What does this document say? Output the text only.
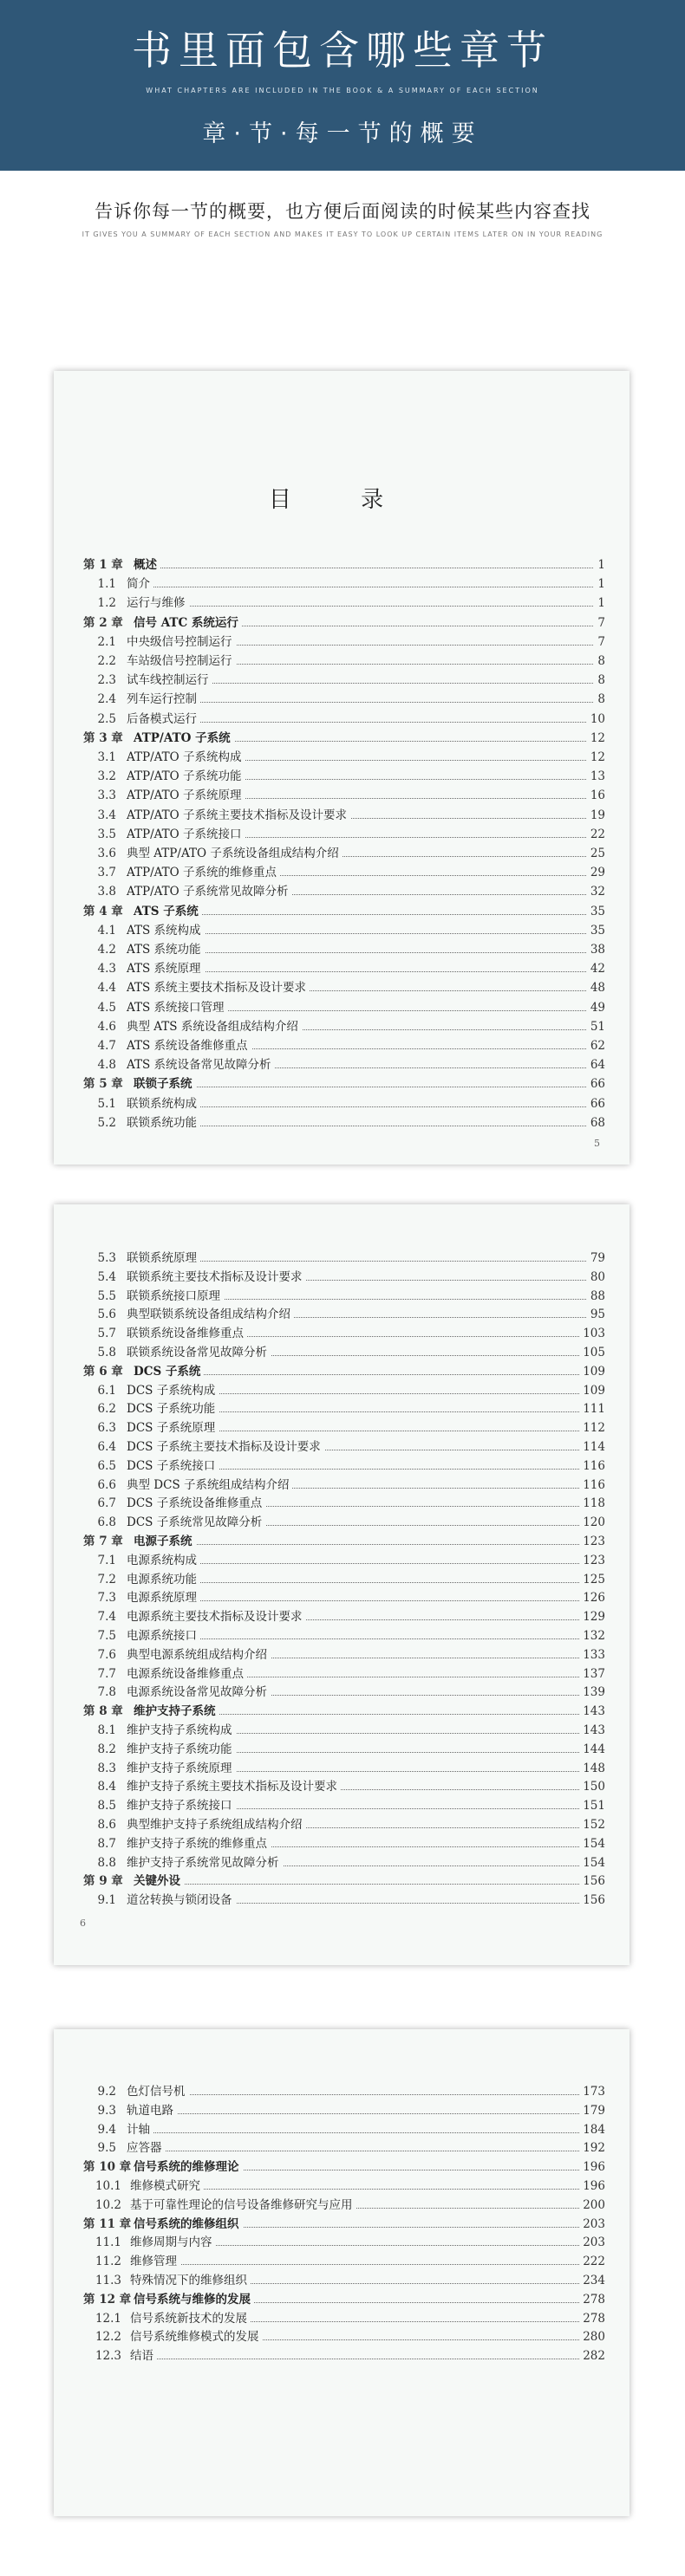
书里面包含哪些章节
WHAT CHAPTERS ARE INCLUDED IN THE BOOK & A SUMMARY OF EACH SECTION
章·节·每一节的概要
告诉你每一节的概要，也方便后面阅读的时候某些内容查找
IT GIVES YOU A SUMMARY OF EACH SECTION AND MAKES IT EASY TO LOOK UP CERTAIN ITEMS LATER ON IN YOUR READING
目 录
第 1 章 概述	1
1.1 简介	1
1.2 运行与维修	1
第 2 章 信号 ATC 系统运行	7
2.1 中央级信号控制运行	7
2.2 车站级信号控制运行	8
2.3 试车线控制运行	8
2.4 列车运行控制	8
2.5 后备模式运行	10
第 3 章 ATP/ATO 子系统	12
3.1 ATP/ATO 子系统构成	12
3.2 ATP/ATO 子系统功能	13
3.3 ATP/ATO 子系统原理	16
3.4 ATP/ATO 子系统主要技术指标及设计要求	19
3.5 ATP/ATO 子系统接口	22
3.6 典型 ATP/ATO 子系统设备组成结构介绍	25
3.7 ATP/ATO 子系统的维修重点	29
3.8 ATP/ATO 子系统常见故障分析	32
第 4 章 ATS 子系统	35
4.1 ATS 系统构成	35
4.2 ATS 系统功能	38
4.3 ATS 系统原理	42
4.4 ATS 系统主要技术指标及设计要求	48
4.5 ATS 系统接口管理	49
4.6 典型 ATS 系统设备组成结构介绍	51
4.7 ATS 系统设备维修重点	62
4.8 ATS 系统设备常见故障分析	64
第 5 章 联锁子系统	66
5.1 联锁系统构成	66
5.2 联锁系统功能	68
5
5.3 联锁系统原理	79
5.4 联锁系统主要技术指标及设计要求	80
5.5 联锁系统接口原理	88
5.6 典型联锁系统设备组成结构介绍	95
5.7 联锁系统设备维修重点	103
5.8 联锁系统设备常见故障分析	105
第 6 章 DCS 子系统	109
6.1 DCS 子系统构成	109
6.2 DCS 子系统功能	111
6.3 DCS 子系统原理	112
6.4 DCS 子系统主要技术指标及设计要求	114
6.5 DCS 子系统接口	116
6.6 典型 DCS 子系统组成结构介绍	116
6.7 DCS 子系统设备维修重点	118
6.8 DCS 子系统常见故障分析	120
第 7 章 电源子系统	123
7.1 电源系统构成	123
7.2 电源系统功能	125
7.3 电源系统原理	126
7.4 电源系统主要技术指标及设计要求	129
7.5 电源系统接口	132
7.6 典型电源系统组成结构介绍	133
7.7 电源系统设备维修重点	137
7.8 电源系统设备常见故障分析	139
第 8 章 维护支持子系统	143
8.1 维护支持子系统构成	143
8.2 维护支持子系统功能	144
8.3 维护支持子系统原理	148
8.4 维护支持子系统主要技术指标及设计要求	150
8.5 维护支持子系统接口	151
8.6 典型维护支持子系统组成结构介绍	152
8.7 维护支持子系统的维修重点	154
8.8 维护支持子系统常见故障分析	154
第 9 章 关键外设	156
9.1 道岔转换与锁闭设备	156
6
9.2 色灯信号机	173
9.3 轨道电路	179
9.4 计轴	184
9.5 应答器	192
第 10 章 信号系统的维修理论	196
10.1 维修模式研究	196
10.2 基于可靠性理论的信号设备维修研究与应用	200
第 11 章 信号系统的维修组织	203
11.1 维修周期与内容	203
11.2 维修管理	222
11.3 特殊情况下的维修组织	234
第 12 章 信号系统与维修的发展	278
12.1 信号系统新技术的发展	278
12.2 信号系统维修模式的发展	280
12.3 结语	282
